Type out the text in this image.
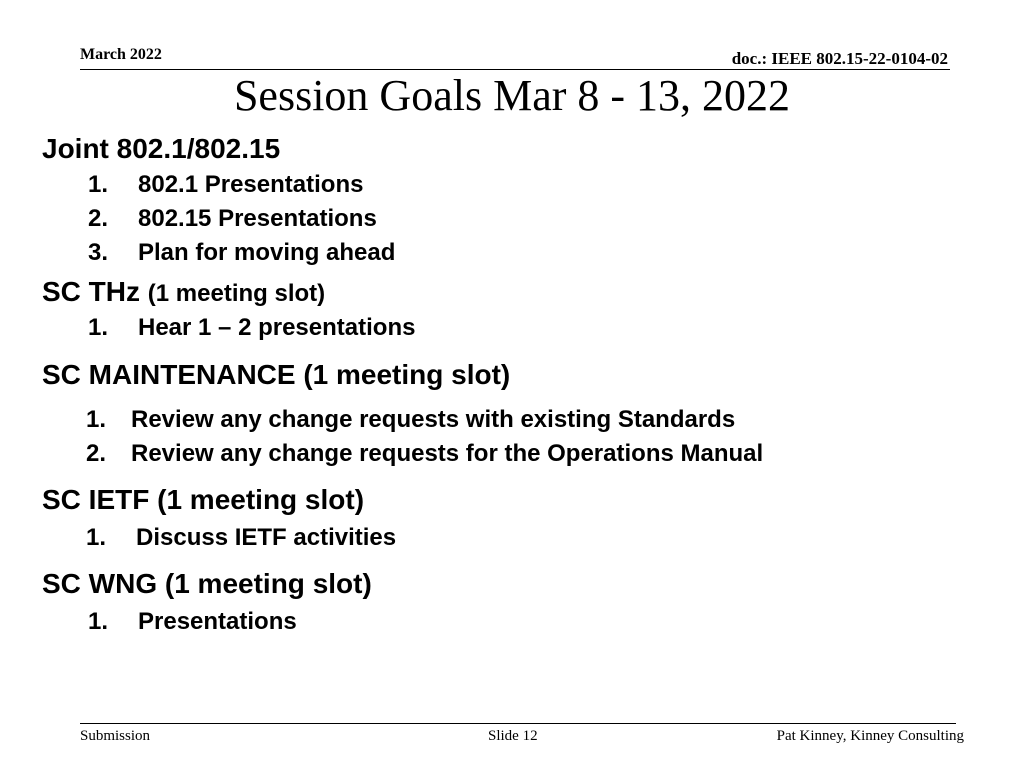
March 2022	doc.: IEEE 802.15-22-0104-02
Session Goals Mar 8 - 13, 2022
Joint 802.1/802.15
1. 802.1 Presentations
2. 802.15 Presentations
3. Plan for moving ahead
SC THz (1 meeting slot)
1. Hear 1 – 2 presentations
SC MAINTENANCE (1 meeting slot)
1. Review any change requests with existing Standards
2. Review any change requests for the Operations Manual
SC IETF (1 meeting slot)
1. Discuss IETF activities
SC WNG (1 meeting slot)
1. Presentations
Submission	Slide 12	Pat Kinney, Kinney Consulting
